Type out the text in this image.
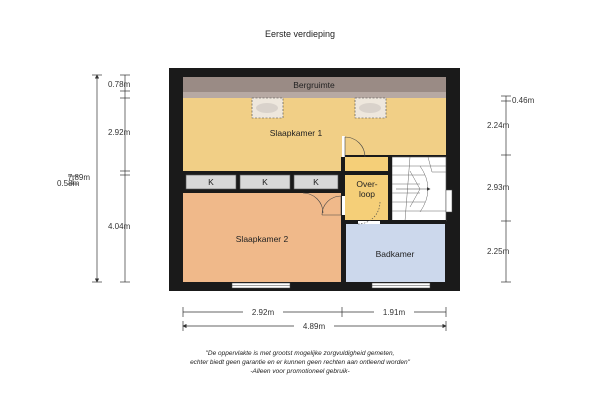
Eerste verdieping
Bergruimte
Slaapkamer 1
Slaapkamer 2
Over-
loop
Badkamer
K	K	K
7.89m
0.58m
0.78m
2.92m
4.04m
0.46m
2.24m
2.93m
2.25m
2.92m	1.91m
4.89m
"De oppervlakte is met grootst mogelijke zorgvuldigheid gemeten,
echter biedt geen garantie en er kunnen geen rechten aan ontleend worden"
-Alleen voor promotioneel gebruik-
